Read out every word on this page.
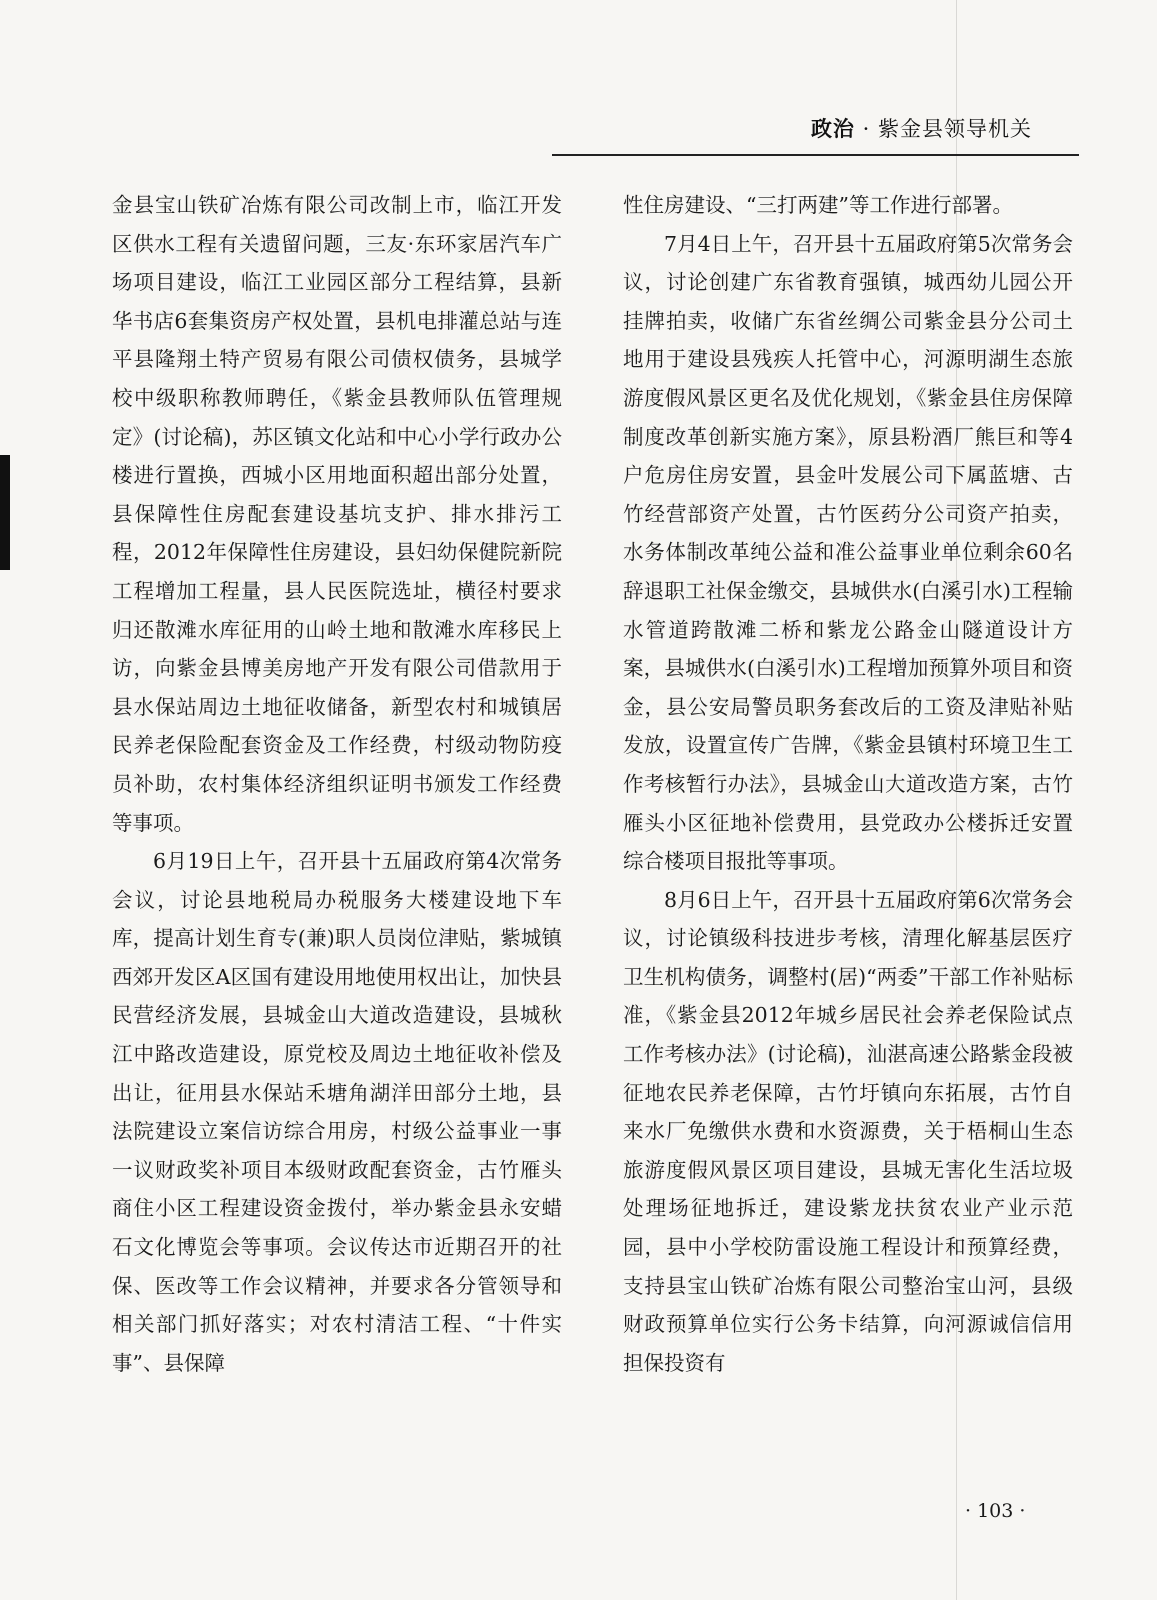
政治 · 紫金县领导机关

金县宝山铁矿冶炼有限公司改制上市，临江开发区供水工程有关遗留问题，三友·东环家居汽车广场项目建设，临江工业园区部分工程结算，县新华书店6套集资房产权处置，县机电排灌总站与连平县隆翔土特产贸易有限公司债权债务，县城学校中级职称教师聘任，《紫金县教师队伍管理规定》(讨论稿)，苏区镇文化站和中心小学行政办公楼进行置换，西城小区用地面积超出部分处置，县保障性住房配套建设基坑支护、排水排污工程，2012年保障性住房建设，县妇幼保健院新院工程增加工程量，县人民医院选址，横径村要求归还散滩水库征用的山岭土地和散滩水库移民上访，向紫金县博美房地产开发有限公司借款用于县水保站周边土地征收储备，新型农村和城镇居民养老保险配套资金及工作经费，村级动物防疫员补助，农村集体经济组织证明书颁发工作经费等事项。

6月19日上午，召开县十五届政府第4次常务会议，讨论县地税局办税服务大楼建设地下车库，提高计划生育专(兼)职人员岗位津贴，紫城镇西郊开发区A区国有建设用地使用权出让，加快县民营经济发展，县城金山大道改造建设，县城秋江中路改造建设，原党校及周边土地征收补偿及出让，征用县水保站禾塘角湖洋田部分土地，县法院建设立案信访综合用房，村级公益事业一事一议财政奖补项目本级财政配套资金，古竹雁头商住小区工程建设资金拨付，举办紫金县永安蜡石文化博览会等事项。会议传达市近期召开的社保、医改等工作会议精神，并要求各分管领导和相关部门抓好落实；对农村清洁工程、“十件实事”、县保障

性住房建设、“三打两建”等工作进行部署。

7月4日上午，召开县十五届政府第5次常务会议，讨论创建广东省教育强镇，城西幼儿园公开挂牌拍卖，收储广东省丝绸公司紫金县分公司土地用于建设县残疾人托管中心，河源明湖生态旅游度假风景区更名及优化规划，《紫金县住房保障制度改革创新实施方案》，原县粉酒厂熊巨和等4户危房住房安置，县金叶发展公司下属蓝塘、古竹经营部资产处置，古竹医药分公司资产拍卖，水务体制改革纯公益和准公益事业单位剩余60名辞退职工社保金缴交，县城供水(白溪引水)工程输水管道跨散滩二桥和紫龙公路金山隧道设计方案，县城供水(白溪引水)工程增加预算外项目和资金，县公安局警员职务套改后的工资及津贴补贴发放，设置宣传广告牌，《紫金县镇村环境卫生工作考核暂行办法》，县城金山大道改造方案，古竹雁头小区征地补偿费用，县党政办公楼拆迁安置综合楼项目报批等事项。

8月6日上午，召开县十五届政府第6次常务会议，讨论镇级科技进步考核，清理化解基层医疗卫生机构债务，调整村(居)“两委”干部工作补贴标准，《紫金县2012年城乡居民社会养老保险试点工作考核办法》(讨论稿)，汕湛高速公路紫金段被征地农民养老保障，古竹圩镇向东拓展，古竹自来水厂免缴供水费和水资源费，关于梧桐山生态旅游度假风景区项目建设，县城无害化生活垃圾处理场征地拆迁，建设紫龙扶贫农业产业示范园，县中小学校防雷设施工程设计和预算经费，支持县宝山铁矿冶炼有限公司整治宝山河，县级财政预算单位实行公务卡结算，向河源诚信信用担保投资有

· 103 ·
